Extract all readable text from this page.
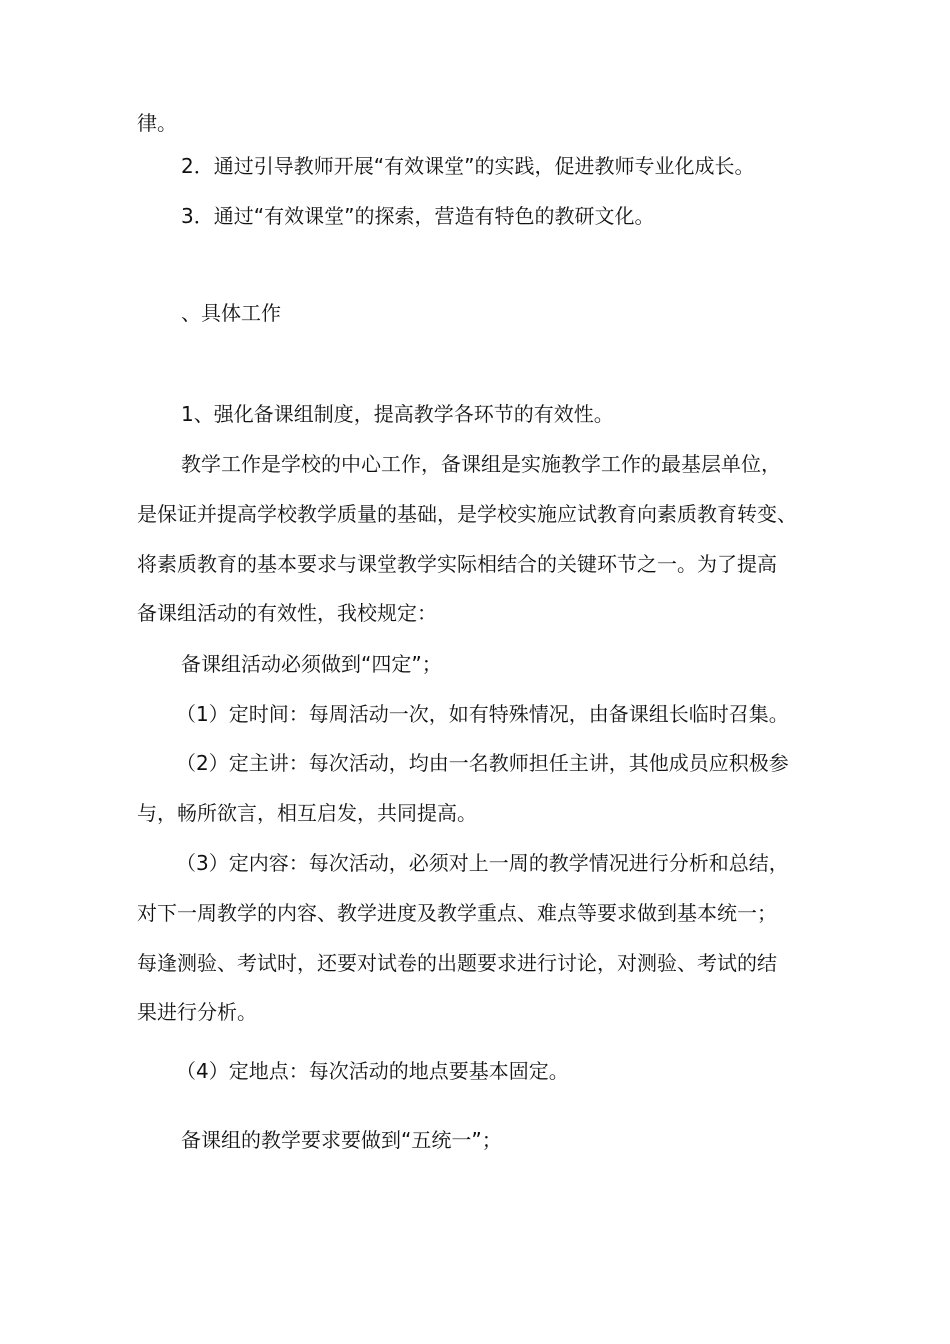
律。

2．通过引导教师开展“有效课堂”的实践，促进教师专业化成长。

3．通过“有效课堂”的探索，营造有特色的教研文化。

、具体工作

1、强化备课组制度，提高教学各环节的有效性。

教学工作是学校的中心工作，备课组是实施教学工作的最基层单位，

是保证并提高学校教学质量的基础，是学校实施应试教育向素质教育转变、

将素质教育的基本要求与课堂教学实际相结合的关键环节之一。为了提高

备课组活动的有效性，我校规定：

备课组活动必须做到“四定”；

（1）定时间：每周活动一次，如有特殊情况，由备课组长临时召集。

（2）定主讲：每次活动，均由一名教师担任主讲，其他成员应积极参

与，畅所欲言，相互启发，共同提高。

（3）定内容：每次活动，必须对上一周的教学情况进行分析和总结，

对下一周教学的内容、教学进度及教学重点、难点等要求做到基本统一；

每逢测验、考试时，还要对试卷的出题要求进行讨论，对测验、考试的结

果进行分析。

（4）定地点：每次活动的地点要基本固定。

备课组的教学要求要做到“五统一”；
